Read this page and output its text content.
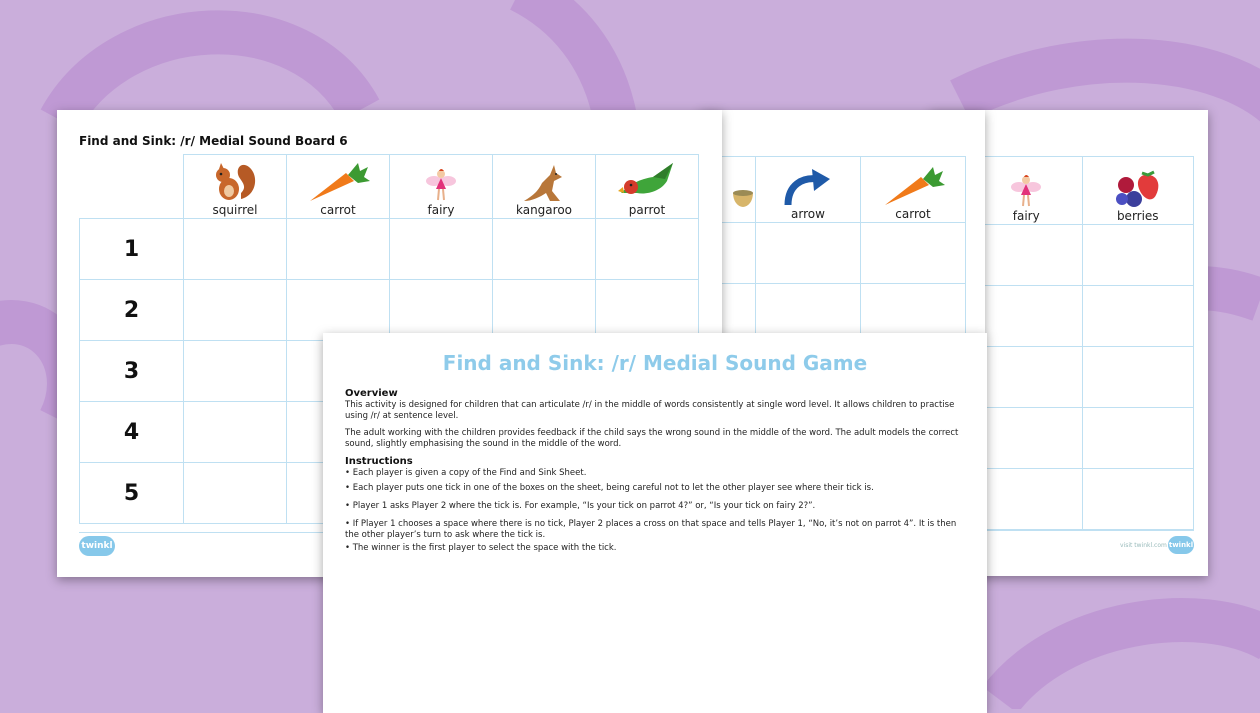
fairy	berries

visit twinkl.com twinkl

arrow	carrot

Find and Sink: /r/ Medial Sound Board 6

	squirrel	carrot	fairy	kangaroo	parrot

1					
2					
3					
4					
5					
twinkl
Find and Sink: /r/ Medial Sound Game
Overview

This activity is designed for children that can articulate /r/ in the middle of words consistently at single word level. It allows children to practise using /r/ at sentence level.

The adult working with the children provides feedback if the child says the wrong sound in the middle of the word. The adult models the correct sound, slightly emphasising the sound in the middle of the word.

Instructions

• Each player is given a copy of the Find and Sink Sheet.

• Each player puts one tick in one of the boxes on the sheet, being careful not to let the other player see where their tick is.

• Player 1 asks Player 2 where the tick is. For example, “Is your tick on parrot 4?” or, “Is your tick on fairy 2?”.

• If Player 1 chooses a space where there is no tick, Player 2 places a cross on that space and tells Player 1, “No, it’s not on parrot 4”. It is then the other player’s turn to ask where the tick is.

• The winner is the first player to select the space with the tick.
